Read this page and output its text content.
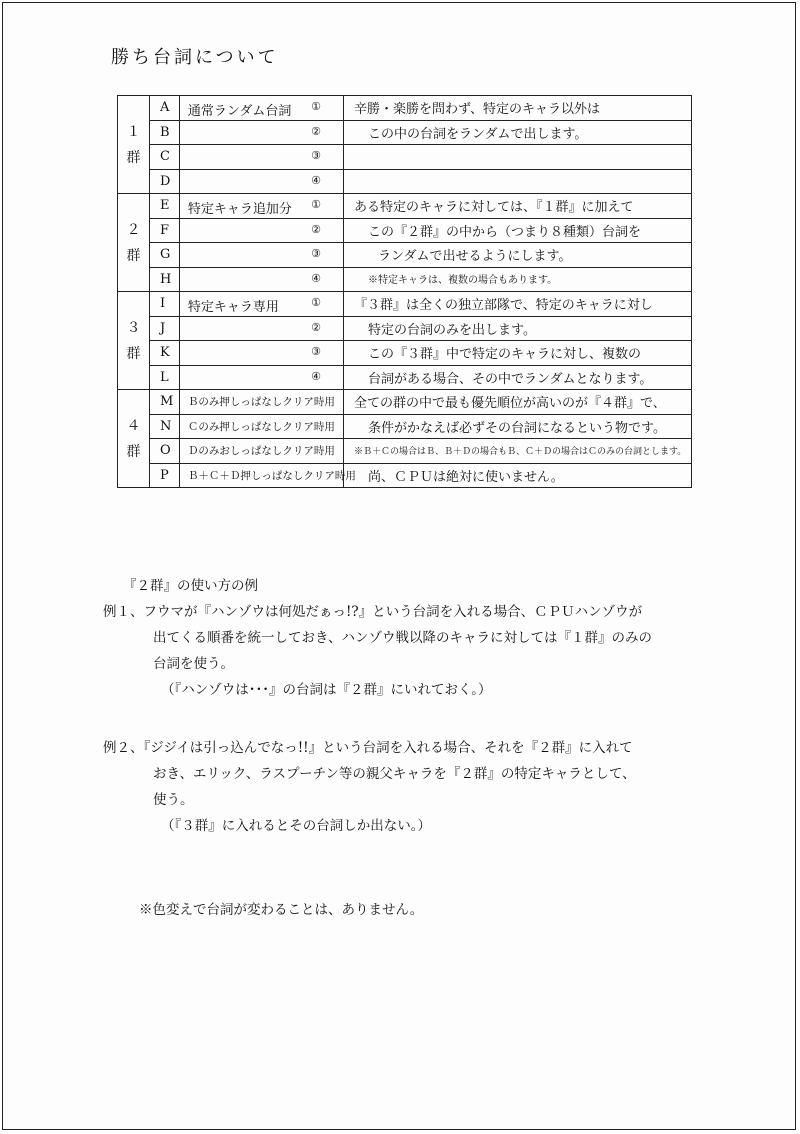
勝ち台詞について
１
群	A	通常ランダム台詞 ①	辛勝・楽勝を問わず、特定のキャラ以外は
	B	②	この中の台詞をランダムで出します。
	C	③	

	D	④	

２
群	E	特定キャラ追加分 ①	ある特定のキャラに対しては、『１群』に加えて
	F	②	この『２群』の中から（つまり８種類）台詞を
	G	③	ランダムで出せるようにします。
	H	④	※特定キャラは、複数の場合もあります。
３
群	I	特定キャラ専用 ①	『３群』は全くの独立部隊で、特定のキャラに対し
	J	②	特定の台詞のみを出します。
	K	③	この『３群』中で特定のキャラに対し、複数の
	L	④	台詞がある場合、その中でランダムとなります。
４
群	M	Ｂのみ押しっぱなしクリア時用	全ての群の中で最も優先順位が高いのが『４群』で、
	N	Ｃのみ押しっぱなしクリア時用	条件がかなえば必ずその台詞になるという物です。
	O	Ｄのみおしっぱなしクリア時用	※Ｂ＋Ｃの場合はＢ、Ｂ＋Ｄの場合もＢ、Ｃ＋Ｄの場合はＣのみの台詞とします。
	P	Ｂ＋Ｃ＋Ｄ押しっぱなしクリア時用	尚、ＣＰＵは絶対に使いません。
『２群』の使い方の例
例１、フウマが『ハンゾウは何処だぁっ!?』という台詞を入れる場合、ＣＰＵハンゾウが
出てくる順番を統一しておき、ハンゾウ戦以降のキャラに対しては『１群』のみの
台詞を使う。
（『ハンゾウは･･･』の台詞は『２群』にいれておく。）
例２、『ジジイは引っ込んでなっ!!』という台詞を入れる場合、それを『２群』に入れて
おき、エリック、ラスプーチン等の親父キャラを『２群』の特定キャラとして、
使う。
（『３群』に入れるとその台詞しか出ない。）
※色変えで台詞が変わることは、ありません。
